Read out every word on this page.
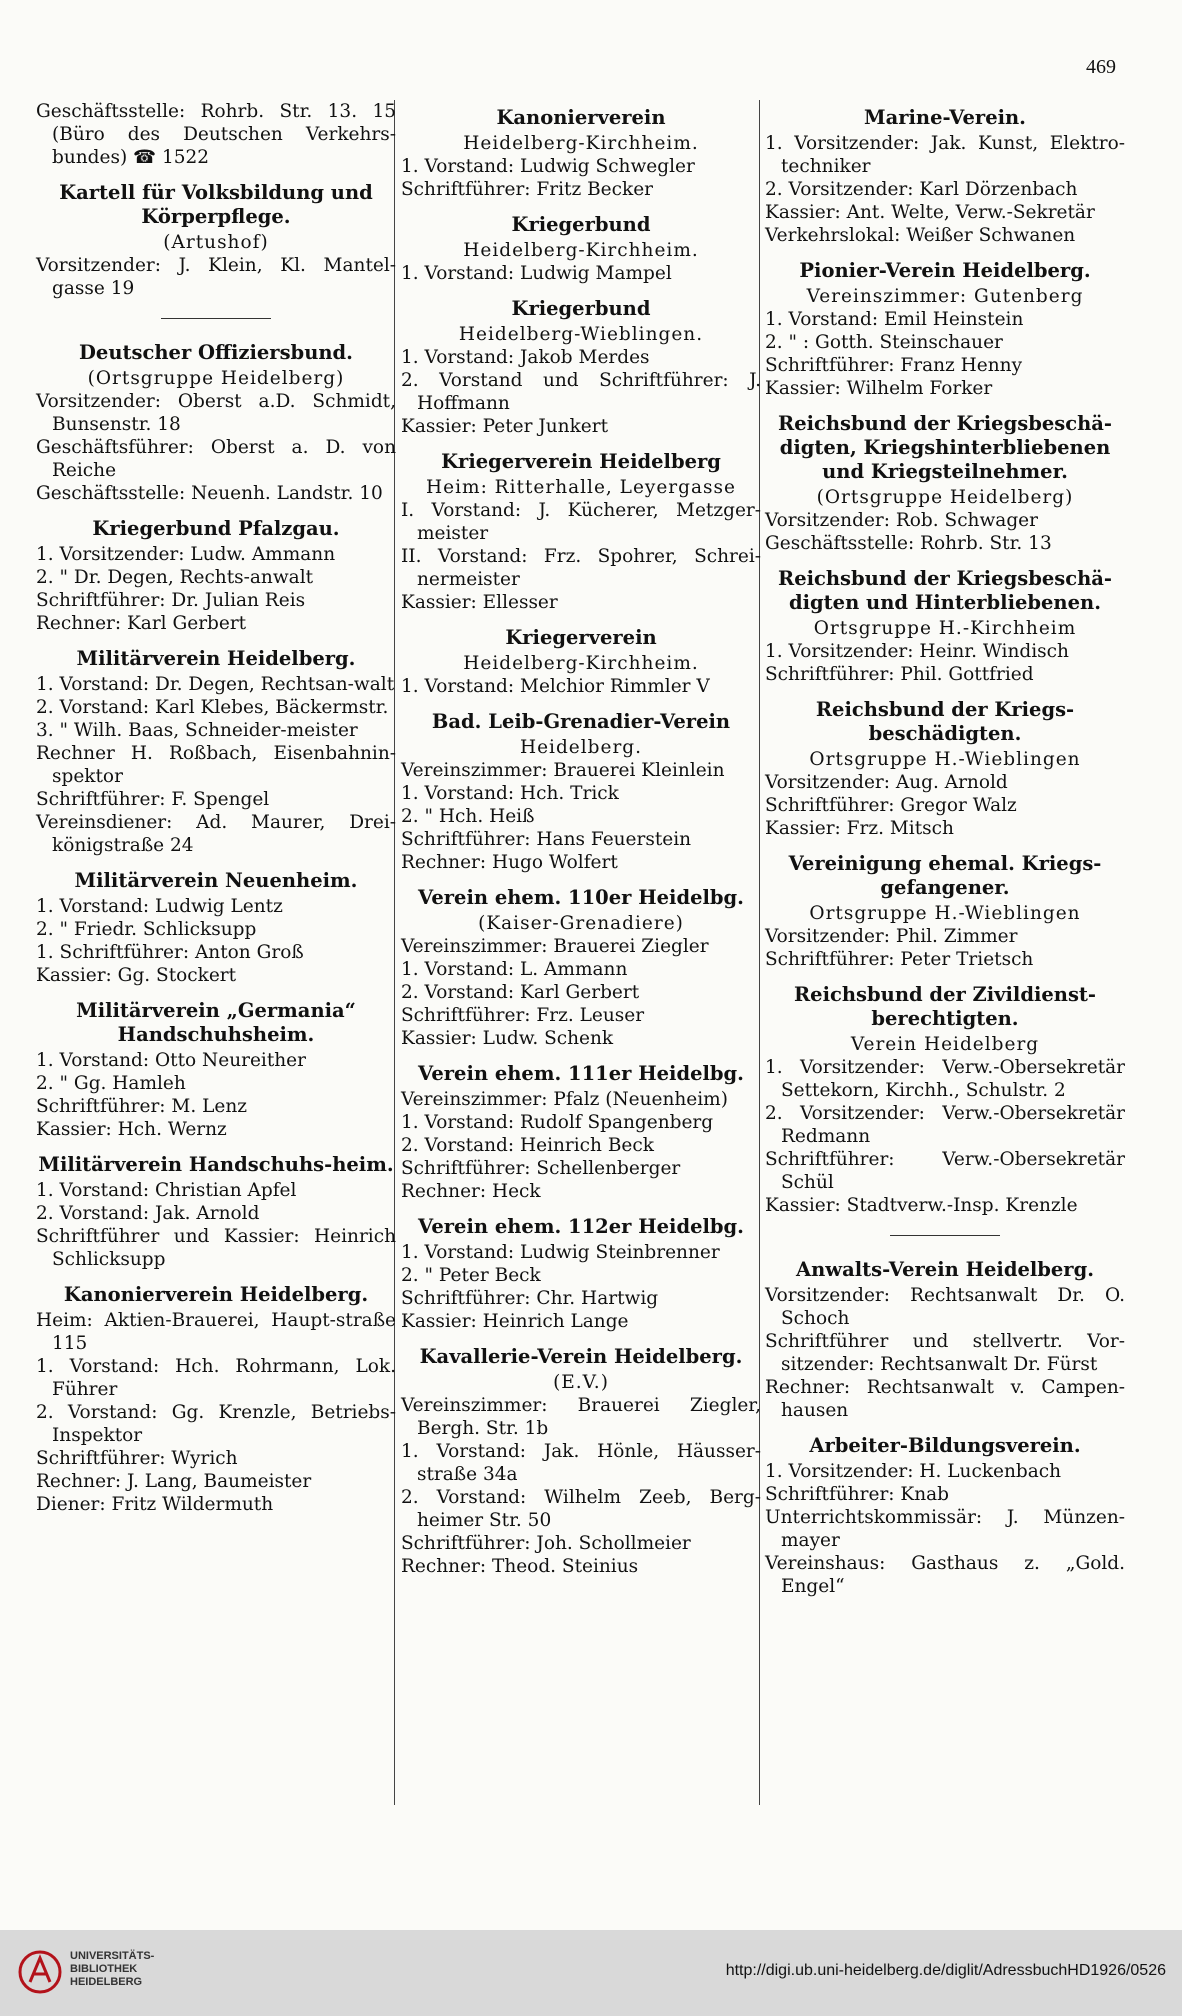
469
Geschäftsstelle: Rohrb. Str. 13. 15 (Büro des Deutschen Verkehrs-bundes) ☎ 1522
Kartell für Volksbildung und Körperpflege.
(Artushof)
Vorsitzender: J. Klein, Kl. Mantel-gasse 19
Deutscher Offiziersbund.
(Ortsgruppe Heidelberg)
Vorsitzender: Oberst a.D. Schmidt, Bunsenstr. 18
Geschäftsführer: Oberst a. D. von Reiche
Geschäftsstelle: Neuenh. Landstr. 10
Kriegerbund Pfalzgau.
1. Vorsitzender: Ludw. Ammann
2. " Dr. Degen, Rechts-anwalt
Schriftführer: Dr. Julian Reis
Rechner: Karl Gerbert
Militärverein Heidelberg.
1. Vorstand: Dr. Degen, Rechtsan-walt
2. Vorstand: Karl Klebes, Bäckermstr.
3. " Wilh. Baas, Schneider-meister
Rechner H. Roßbach, Eisenbahnin-spektor
Schriftführer: F. Spengel
Vereinsdiener: Ad. Maurer, Drei-königstraße 24
Militärverein Neuenheim.
1. Vorstand: Ludwig Lentz
2. " Friedr. Schlicksupp
1. Schriftführer: Anton Groß
Kassier: Gg. Stockert
Militärverein „Germania“ Handschuhsheim.
1. Vorstand: Otto Neureither
2. " Gg. Hamleh
Schriftführer: M. Lenz
Kassier: Hch. Wernz
Militärverein Handschuhs-heim.
1. Vorstand: Christian Apfel
2. Vorstand: Jak. Arnold
Schriftführer und Kassier: Heinrich Schlicksupp
Kanonierverein Heidelberg.
Heim: Aktien-Brauerei, Haupt-straße 115
1. Vorstand: Hch. Rohrmann, Lok. Führer
2. Vorstand: Gg. Krenzle, Betriebs-Inspektor
Schriftführer: Wyrich
Rechner: J. Lang, Baumeister
Diener: Fritz Wildermuth
Kanonierverein
Heidelberg-Kirchheim.
1. Vorstand: Ludwig Schwegler
Schriftführer: Fritz Becker
Kriegerbund
Heidelberg-Kirchheim.
1. Vorstand: Ludwig Mampel
Kriegerbund
Heidelberg-Wieblingen.
1. Vorstand: Jakob Merdes
2. Vorstand und Schriftführer: J. Hoffmann
Kassier: Peter Junkert
Kriegerverein Heidelberg
Heim: Ritterhalle, Leyergasse
I. Vorstand: J. Kücherer, Metzger-meister
II. Vorstand: Frz. Spohrer, Schrei-nermeister
Kassier: Ellesser
Kriegerverein
Heidelberg-Kirchheim.
1. Vorstand: Melchior Rimmler V
Bad. Leib-Grenadier-Verein
Heidelberg.
Vereinszimmer: Brauerei Kleinlein
1. Vorstand: Hch. Trick
2. " Hch. Heiß
Schriftführer: Hans Feuerstein
Rechner: Hugo Wolfert
Verein ehem. 110er Heidelbg.
(Kaiser-Grenadiere)
Vereinszimmer: Brauerei Ziegler
1. Vorstand: L. Ammann
2. Vorstand: Karl Gerbert
Schriftführer: Frz. Leuser
Kassier: Ludw. Schenk
Verein ehem. 111er Heidelbg.
Vereinszimmer: Pfalz (Neuenheim)
1. Vorstand: Rudolf Spangenberg
2. Vorstand: Heinrich Beck
Schriftführer: Schellenberger
Rechner: Heck
Verein ehem. 112er Heidelbg.
1. Vorstand: Ludwig Steinbrenner
2. " Peter Beck
Schriftführer: Chr. Hartwig
Kassier: Heinrich Lange
Kavallerie-Verein Heidelberg.
(E.V.)
Vereinszimmer: Brauerei Ziegler, Bergh. Str. 1b
1. Vorstand: Jak. Hönle, Häusser-straße 34a
2. Vorstand: Wilhelm Zeeb, Berg-heimer Str. 50
Schriftführer: Joh. Schollmeier
Rechner: Theod. Steinius
Marine-Verein.
1. Vorsitzender: Jak. Kunst, Elektro-techniker
2. Vorsitzender: Karl Dörzenbach
Kassier: Ant. Welte, Verw.-Sekretär
Verkehrslokal: Weißer Schwanen
Pionier-Verein Heidelberg.
Vereinszimmer: Gutenberg
1. Vorstand: Emil Heinstein
2. " : Gotth. Steinschauer
Schriftführer: Franz Henny
Kassier: Wilhelm Forker
Reichsbund der Kriegsbeschä-digten, Kriegshinterbliebenen und Kriegsteilnehmer.
(Ortsgruppe Heidelberg)
Vorsitzender: Rob. Schwager
Geschäftsstelle: Rohrb. Str. 13
Reichsbund der Kriegsbeschä-digten und Hinterbliebenen.
Ortsgruppe H.-Kirchheim
1. Vorsitzender: Heinr. Windisch
Schriftführer: Phil. Gottfried
Reichsbund der Kriegs-beschädigten.
Ortsgruppe H.-Wieblingen
Vorsitzender: Aug. Arnold
Schriftführer: Gregor Walz
Kassier: Frz. Mitsch
Vereinigung ehemal. Kriegs-gefangener.
Ortsgruppe H.-Wieblingen
Vorsitzender: Phil. Zimmer
Schriftführer: Peter Trietsch
Reichsbund der Zivildienst-berechtigten.
Verein Heidelberg
1. Vorsitzender: Verw.-Obersekretär Settekorn, Kirchh., Schulstr. 2
2. Vorsitzender: Verw.-Obersekretär Redmann
Schriftführer: Verw.-Obersekretär Schül
Kassier: Stadtverw.-Insp. Krenzle
Anwalts-Verein Heidelberg.
Vorsitzender: Rechtsanwalt Dr. O. Schoch
Schriftführer und stellvertr. Vor-sitzender: Rechtsanwalt Dr. Fürst
Rechner: Rechtsanwalt v. Campen-hausen
Arbeiter-Bildungsverein.
1. Vorsitzender: H. Luckenbach
Schriftführer: Knab
Unterrichtskommissär: J. Münzen-mayer
Vereinshaus: Gasthaus z. „Gold. Engel“
UNIVERSITÄTS-
BIBLIOTHEK
HEIDELBERG
http://digi.ub.uni-heidelberg.de/diglit/AdressbuchHD1926/0526
